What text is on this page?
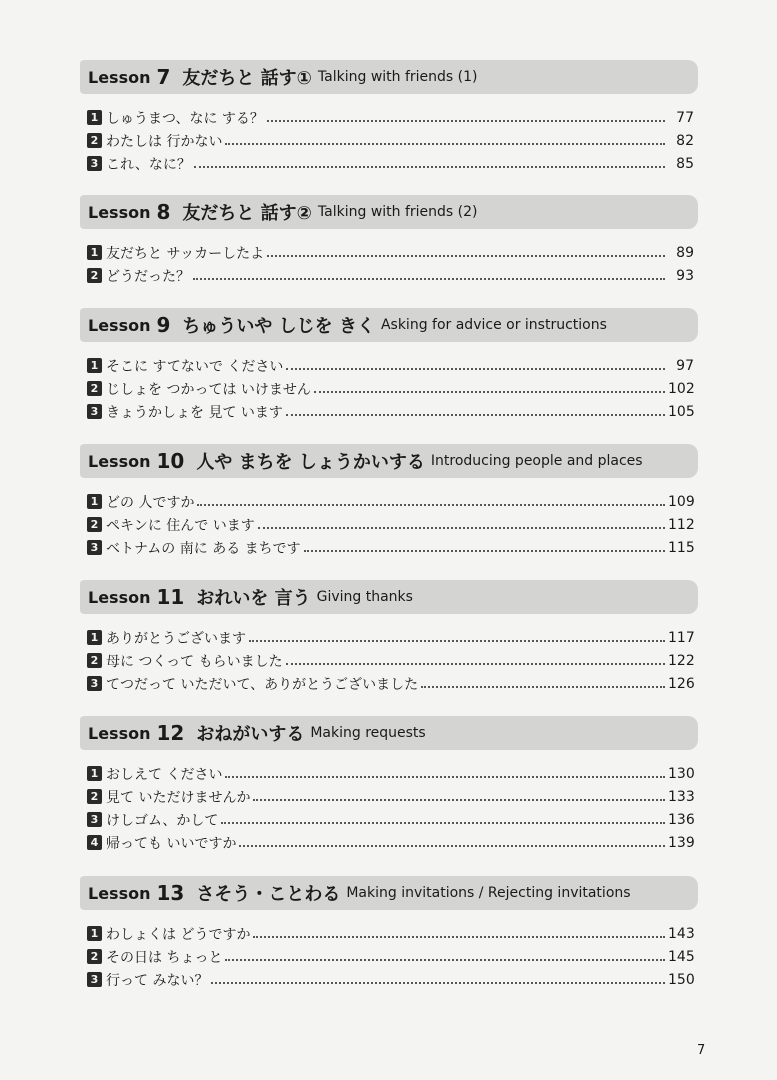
Lesson 7 友だちと 話す① Talking with friends (1)
1 しゅうまつ、なに する？	77
2 わたしは 行かない	82
3 これ、なに？	85
Lesson 8 友だちと 話す② Talking with friends (2)
1 友だちと サッカーしたよ	89
2 どうだった？	93
Lesson 9 ちゅういや しじを きく Asking for advice or instructions
1 そこに すてないで ください	97
2 じしょを つかっては いけません	102
3 きょうかしょを 見て います	105
Lesson 10 人や まちを しょうかいする Introducing people and places
1 どの 人ですか	109
2 ペキンに 住んで います	112
3 ベトナムの 南に ある まちです	115
Lesson 11 おれいを 言う Giving thanks
1 ありがとうございます	117
2 母に つくって もらいました	122
3 てつだって いただいて、ありがとうございました	126
Lesson 12 おねがいする Making requests
1 おしえて ください	130
2 見て いただけませんか	133
3 けしゴム、かして	136
4 帰っても いいですか	139
Lesson 13 さそう・ことわる Making invitations / Rejecting invitations
1 わしょくは どうですか	143
2 その日は ちょっと	145
3 行って みない？	150
7
